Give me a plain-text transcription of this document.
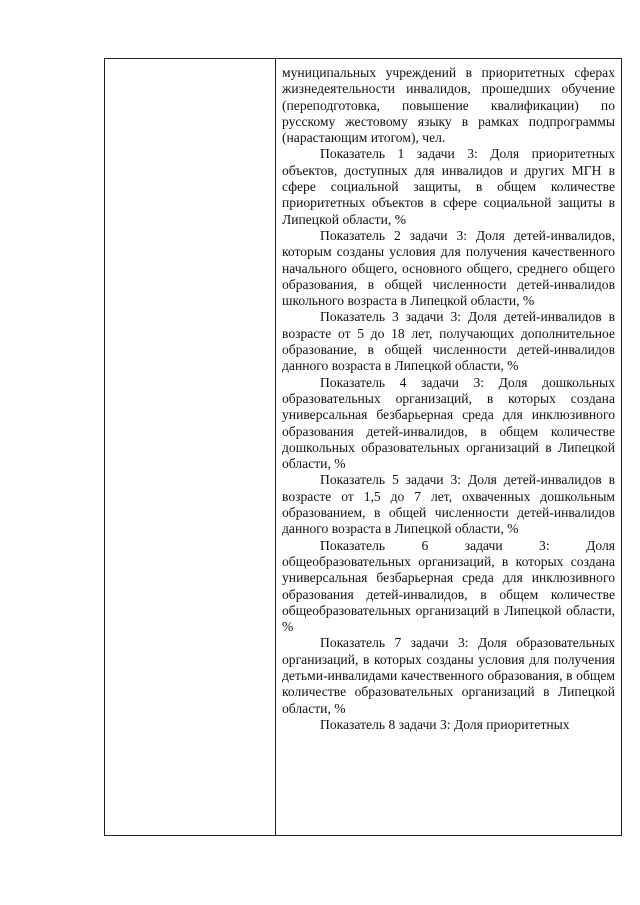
муниципальных учреждений в приоритетных сферах жизнедеятельности инвалидов, прошедших обучение (переподготовка, повышение квалификации) по русскому жестовому языку в рамках подпрограммы (нарастающим итогом), чел.

Показатель 1 задачи 3: Доля приоритетных объектов, доступных для инвалидов и других МГН в сфере социальной защиты, в общем количестве приоритетных объектов в сфере социальной защиты в Липецкой области, %

Показатель 2 задачи 3: Доля детей-инвалидов, которым созданы условия для получения качественного начального общего, основного общего, среднего общего образования, в общей численности детей-инвалидов школьного возраста в Липецкой области, %

Показатель 3 задачи 3: Доля детей-инвалидов в возрасте от 5 до 18 лет, получающих дополнительное образование, в общей численности детей-инвалидов данного возраста в Липецкой области, %

Показатель 4 задачи 3: Доля дошкольных образовательных организаций, в которых создана универсальная безбарьерная среда для инклюзивного образования детей-инвалидов, в общем количестве дошкольных образовательных организаций в Липецкой области, %

Показатель 5 задачи 3: Доля детей-инвалидов в возрасте от 1,5 до 7 лет, охваченных дошкольным образованием, в общей численности детей-инвалидов данного возраста в Липецкой области, %

Показатель 6 задачи 3: Доля общеобразовательных организаций, в которых создана универсальная безбарьерная среда для инклюзивного образования детей-инвалидов, в общем количестве общеобразовательных организаций в Липецкой области, %

Показатель 7 задачи 3: Доля образовательных организаций, в которых созданы условия для получения детьми-инвалидами качественного образования, в общем количестве образовательных организаций в Липецкой области, %

Показатель 8 задачи 3: Доля приоритетных
